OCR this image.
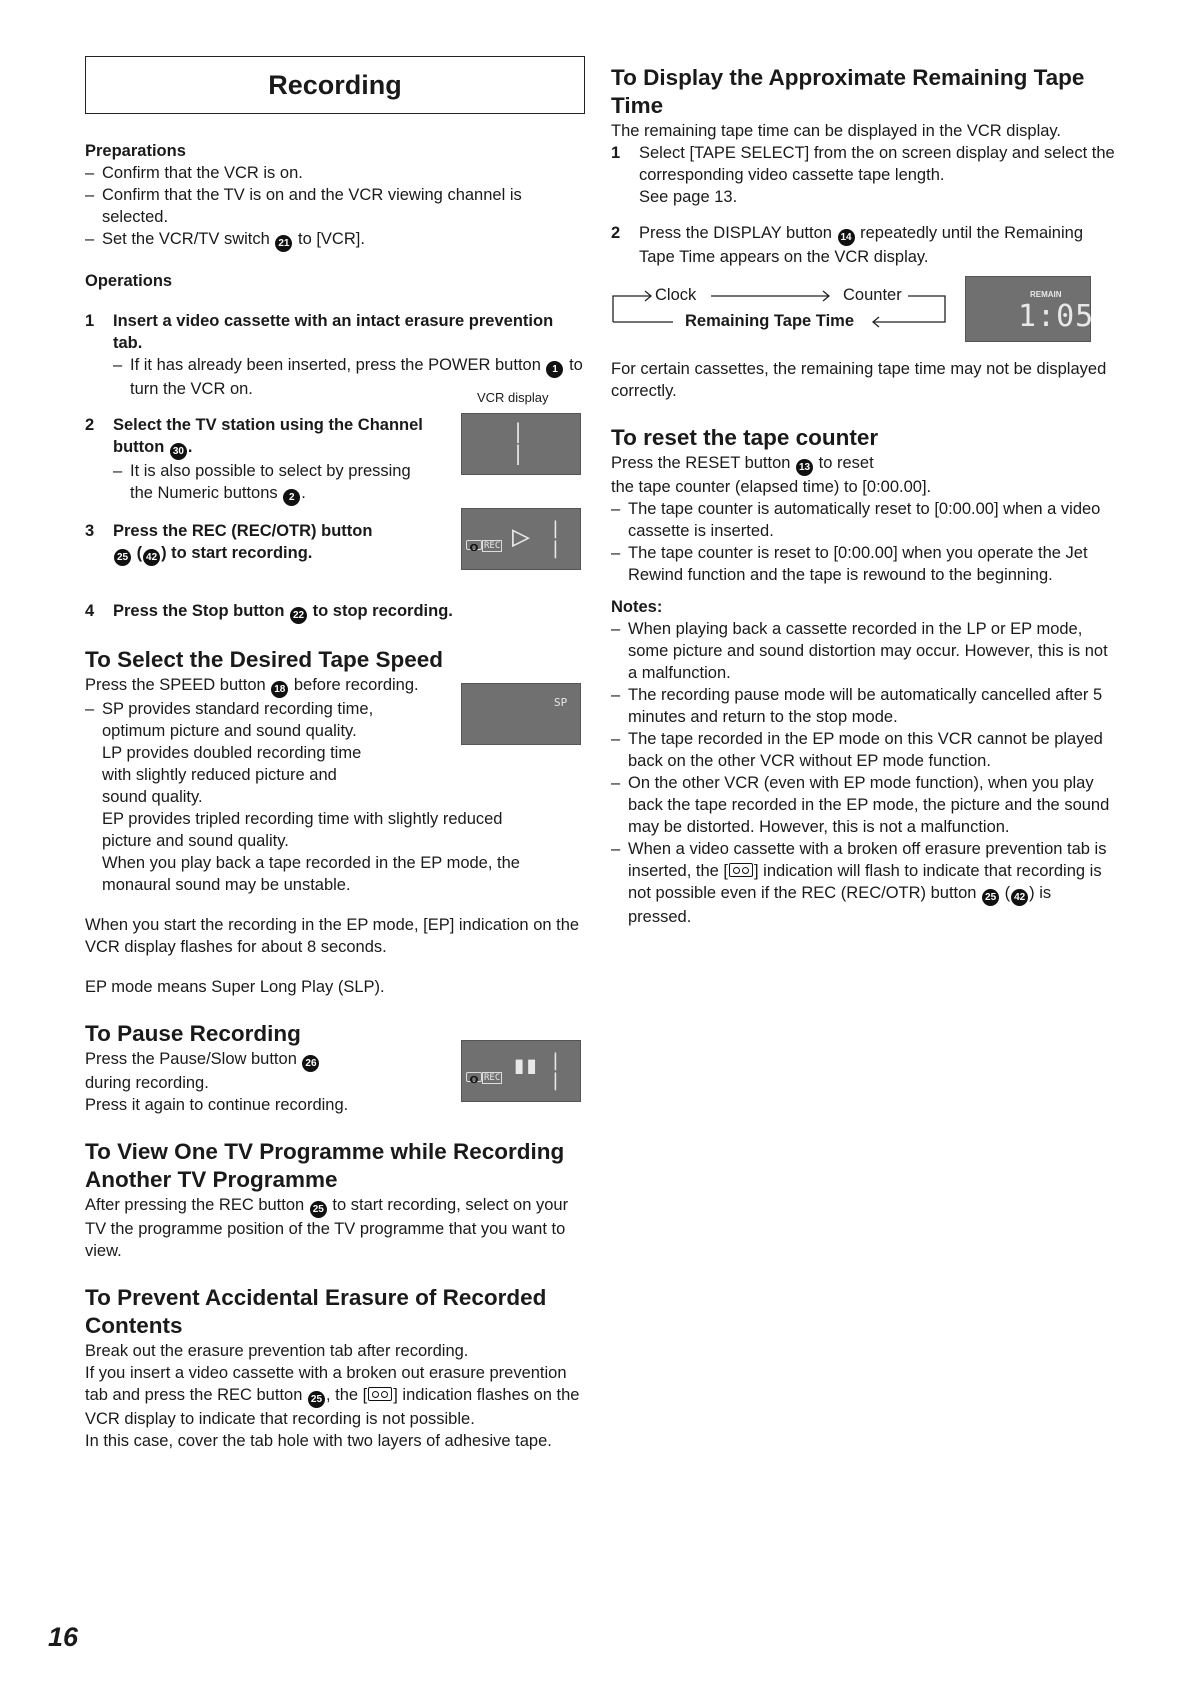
Recording

Preparations

– Confirm that the VCR is on.

– Confirm that the TV is on and the VCR viewing channel is selected.

– Set the VCR/TV switch 21 to [VCR].

Operations

1 Insert a video cassette with an intact erasure prevention tab.

– If it has already been inserted, press the POWER button 1 to turn the VCR on.

2 Select the TV station using the Channel button 30 .

– It is also possible to select by pressing the Numeric buttons 2 .

3 Press the REC (REC/OTR) button
25 ( 42 ) to start recording.

4 Press the Stop button 22 to stop recording.

To Select the Desired Tape Speed

Press the SPEED button 18 before recording.

– SP provides standard recording time,

optimum picture and sound quality.

LP provides doubled recording time

with slightly reduced picture and

sound quality.

EP provides tripled recording time with slightly reduced

picture and sound quality.

When you play back a tape recorded in the EP mode, the

monaural sound may be unstable.

When you start the recording in the EP mode, [EP] indication on the VCR display flashes for about 8 seconds.

EP mode means Super Long Play (SLP).

To Pause Recording

Press the Pause/Slow button 26

during recording.

Press it again to continue recording.

To View One TV Programme while Recording Another TV Programme

After pressing the REC button 25 to start recording, select on your TV the programme position of the TV programme that you want to view.

To Prevent Accidental Erasure of Recorded Contents

Break out the erasure prevention tab after recording.

If you insert a video cassette with a broken out erasure prevention tab and press the REC button 25 , the [ ] indication flashes on the VCR display to indicate that recording is not possible.

In this case, cover the tab hole with two layers of adhesive tape.

VCR display
|
|
REC ▷ |
|
SP
REC ▮▮ |
|
To Display the Approximate Remaining Tape Time

The remaining tape time can be displayed in the VCR display.

1 Select [TAPE SELECT] from the on screen display and select the corresponding video cassette tape length.

See page 13.

2 Press the DISPLAY button 14 repeatedly until the Remaining Tape Time appears on the VCR display.

Clock	Counter
Remaining Tape Time
REMAIN
1:05

For certain cassettes, the remaining tape time may not be displayed correctly.

To reset the tape counter

Press the RESET button 13 to reset

the tape counter (elapsed time) to [0:00.00].

– The tape counter is automatically reset to [0:00.00] when a video cassette is inserted.

– The tape counter is reset to [0:00.00] when you operate the Jet Rewind function and the tape is rewound to the beginning.

Notes:

– When playing back a cassette recorded in the LP or EP mode, some picture and sound distortion may occur. However, this is not a malfunction.

– The recording pause mode will be automatically cancelled after 5 minutes and return to the stop mode.

– The tape recorded in the EP mode on this VCR cannot be played back on the other VCR without EP mode function.

– On the other VCR (even with EP mode function), when you play back the tape recorded in the EP mode, the picture and the sound may be distorted. However, this is not a malfunction.

– When a video cassette with a broken off erasure prevention tab is inserted, the [ ] indication will flash to indicate that recording is not possible even if the REC (REC/OTR) button 25 ( 42 ) is pressed.

16
